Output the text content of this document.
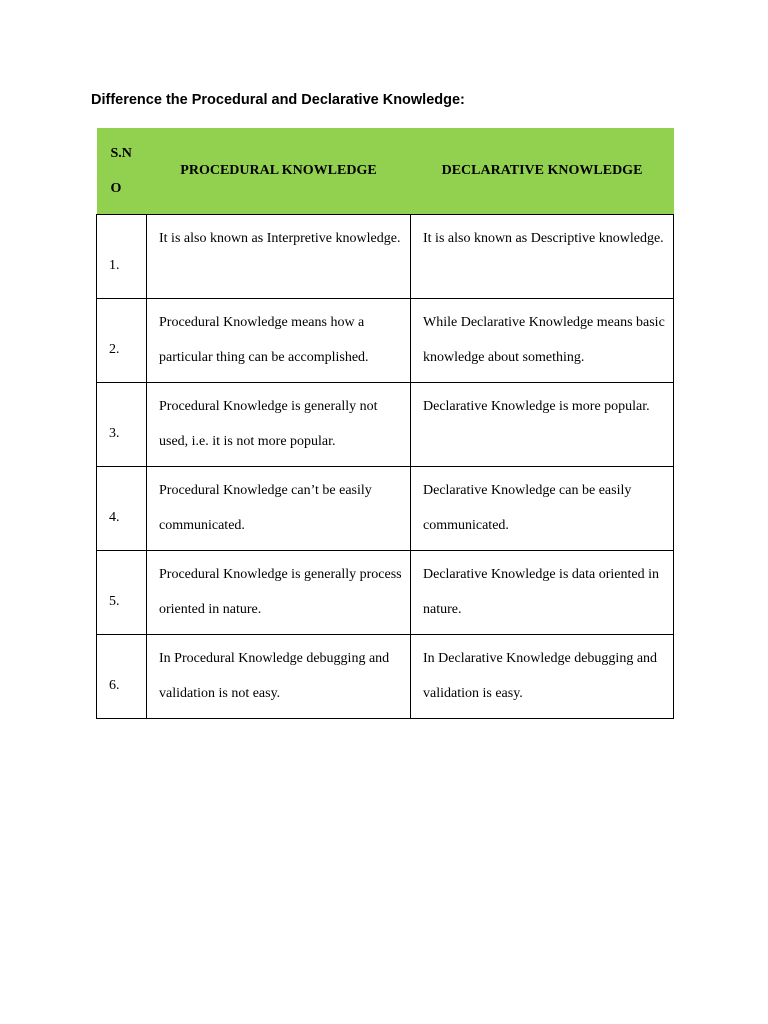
Difference the Procedural and Declarative Knowledge:
S.N
O	PROCEDURAL KNOWLEDGE	DECLARATIVE KNOWLEDGE
1.	It is also known as Interpretive knowledge.	It is also known as Descriptive knowledge.
2.	Procedural Knowledge means how a particular thing can be accomplished.	While Declarative Knowledge means basic knowledge about something.
3.	Procedural Knowledge is generally not used, i.e. it is not more popular.	Declarative Knowledge is more popular.
4.	Procedural Knowledge can’t be easily communicated.	Declarative Knowledge can be easily communicated.
5.	Procedural Knowledge is generally process oriented in nature.	Declarative Knowledge is data oriented in nature.
6.	In Procedural Knowledge debugging and validation is not easy.	In Declarative Knowledge debugging and validation is easy.
